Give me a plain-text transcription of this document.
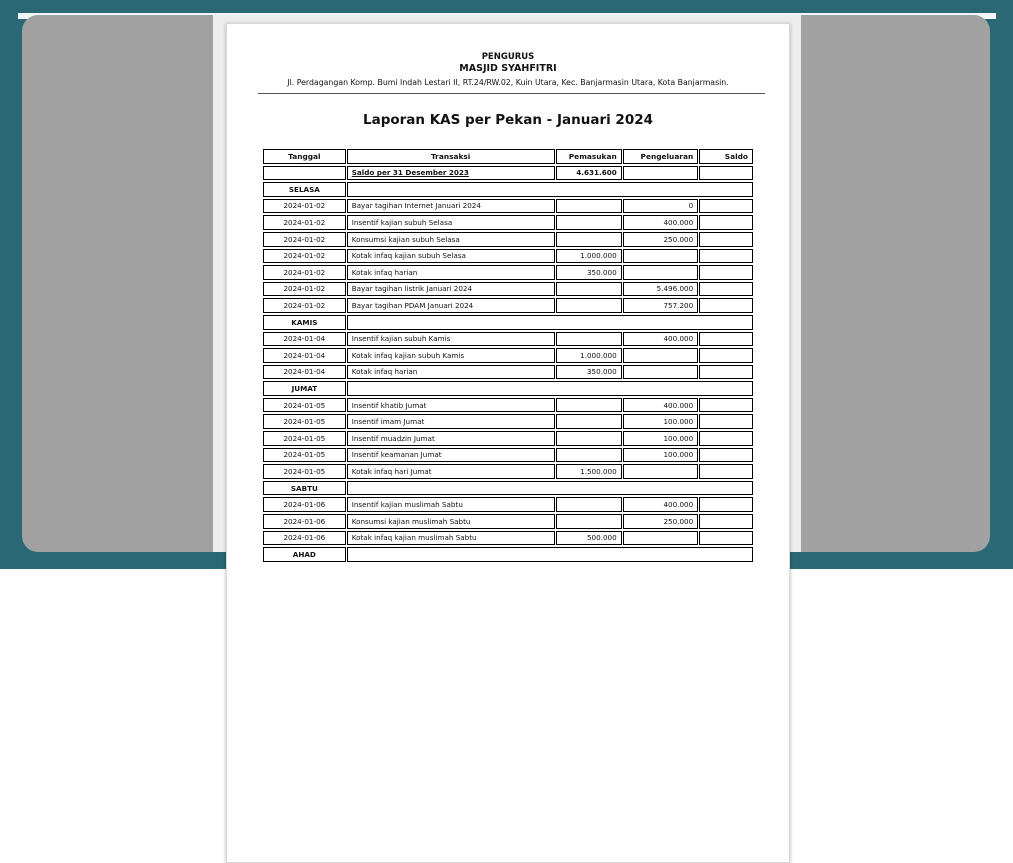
PENGURUS
MASJID SYAHFITRI
Jl. Perdagangan Komp. Bumi Indah Lestari II, RT.24/RW.02, Kuin Utara, Kec. Banjarmasin Utara, Kota Banjarmasin.
Laporan KAS per Pekan - Januari 2024
Tanggal	Transaksi	Pemasukan	Pengeluaran	Saldo
	Saldo per 31 Desember 2023	4.631.600		
SELASA				
2024-01-02	Bayar tagihan Internet Januari 2024		0	
2024-01-02	Insentif kajian subuh Selasa		400.000	
2024-01-02	Konsumsi kajian subuh Selasa		250.000	
2024-01-02	Kotak infaq kajian subuh Selasa	1.000.000		
2024-01-02	Kotak infaq harian	350.000		
2024-01-02	Bayar tagihan listrik Januari 2024		5.496.000	
2024-01-02	Bayar tagihan PDAM Januari 2024		757.200	
KAMIS				
2024-01-04	Insentif kajian subuh Kamis		400.000	
2024-01-04	Kotak infaq kajian subuh Kamis	1.000.000		
2024-01-04	Kotak infaq harian	350.000		
JUMAT				
2024-01-05	Insentif khatib Jumat		400.000	
2024-01-05	Insentif imam Jumat		100.000	
2024-01-05	Insentif muadzin Jumat		100.000	
2024-01-05	Insentif keamanan Jumat		100.000	
2024-01-05	Kotak infaq hari Jumat	1.500.000		
SABTU				
2024-01-06	Insentif kajian muslimah Sabtu		400.000	
2024-01-06	Konsumsi kajian muslimah Sabtu		250.000	
2024-01-06	Kotak infaq kajian muslimah Sabtu	500.000		
AHAD				
